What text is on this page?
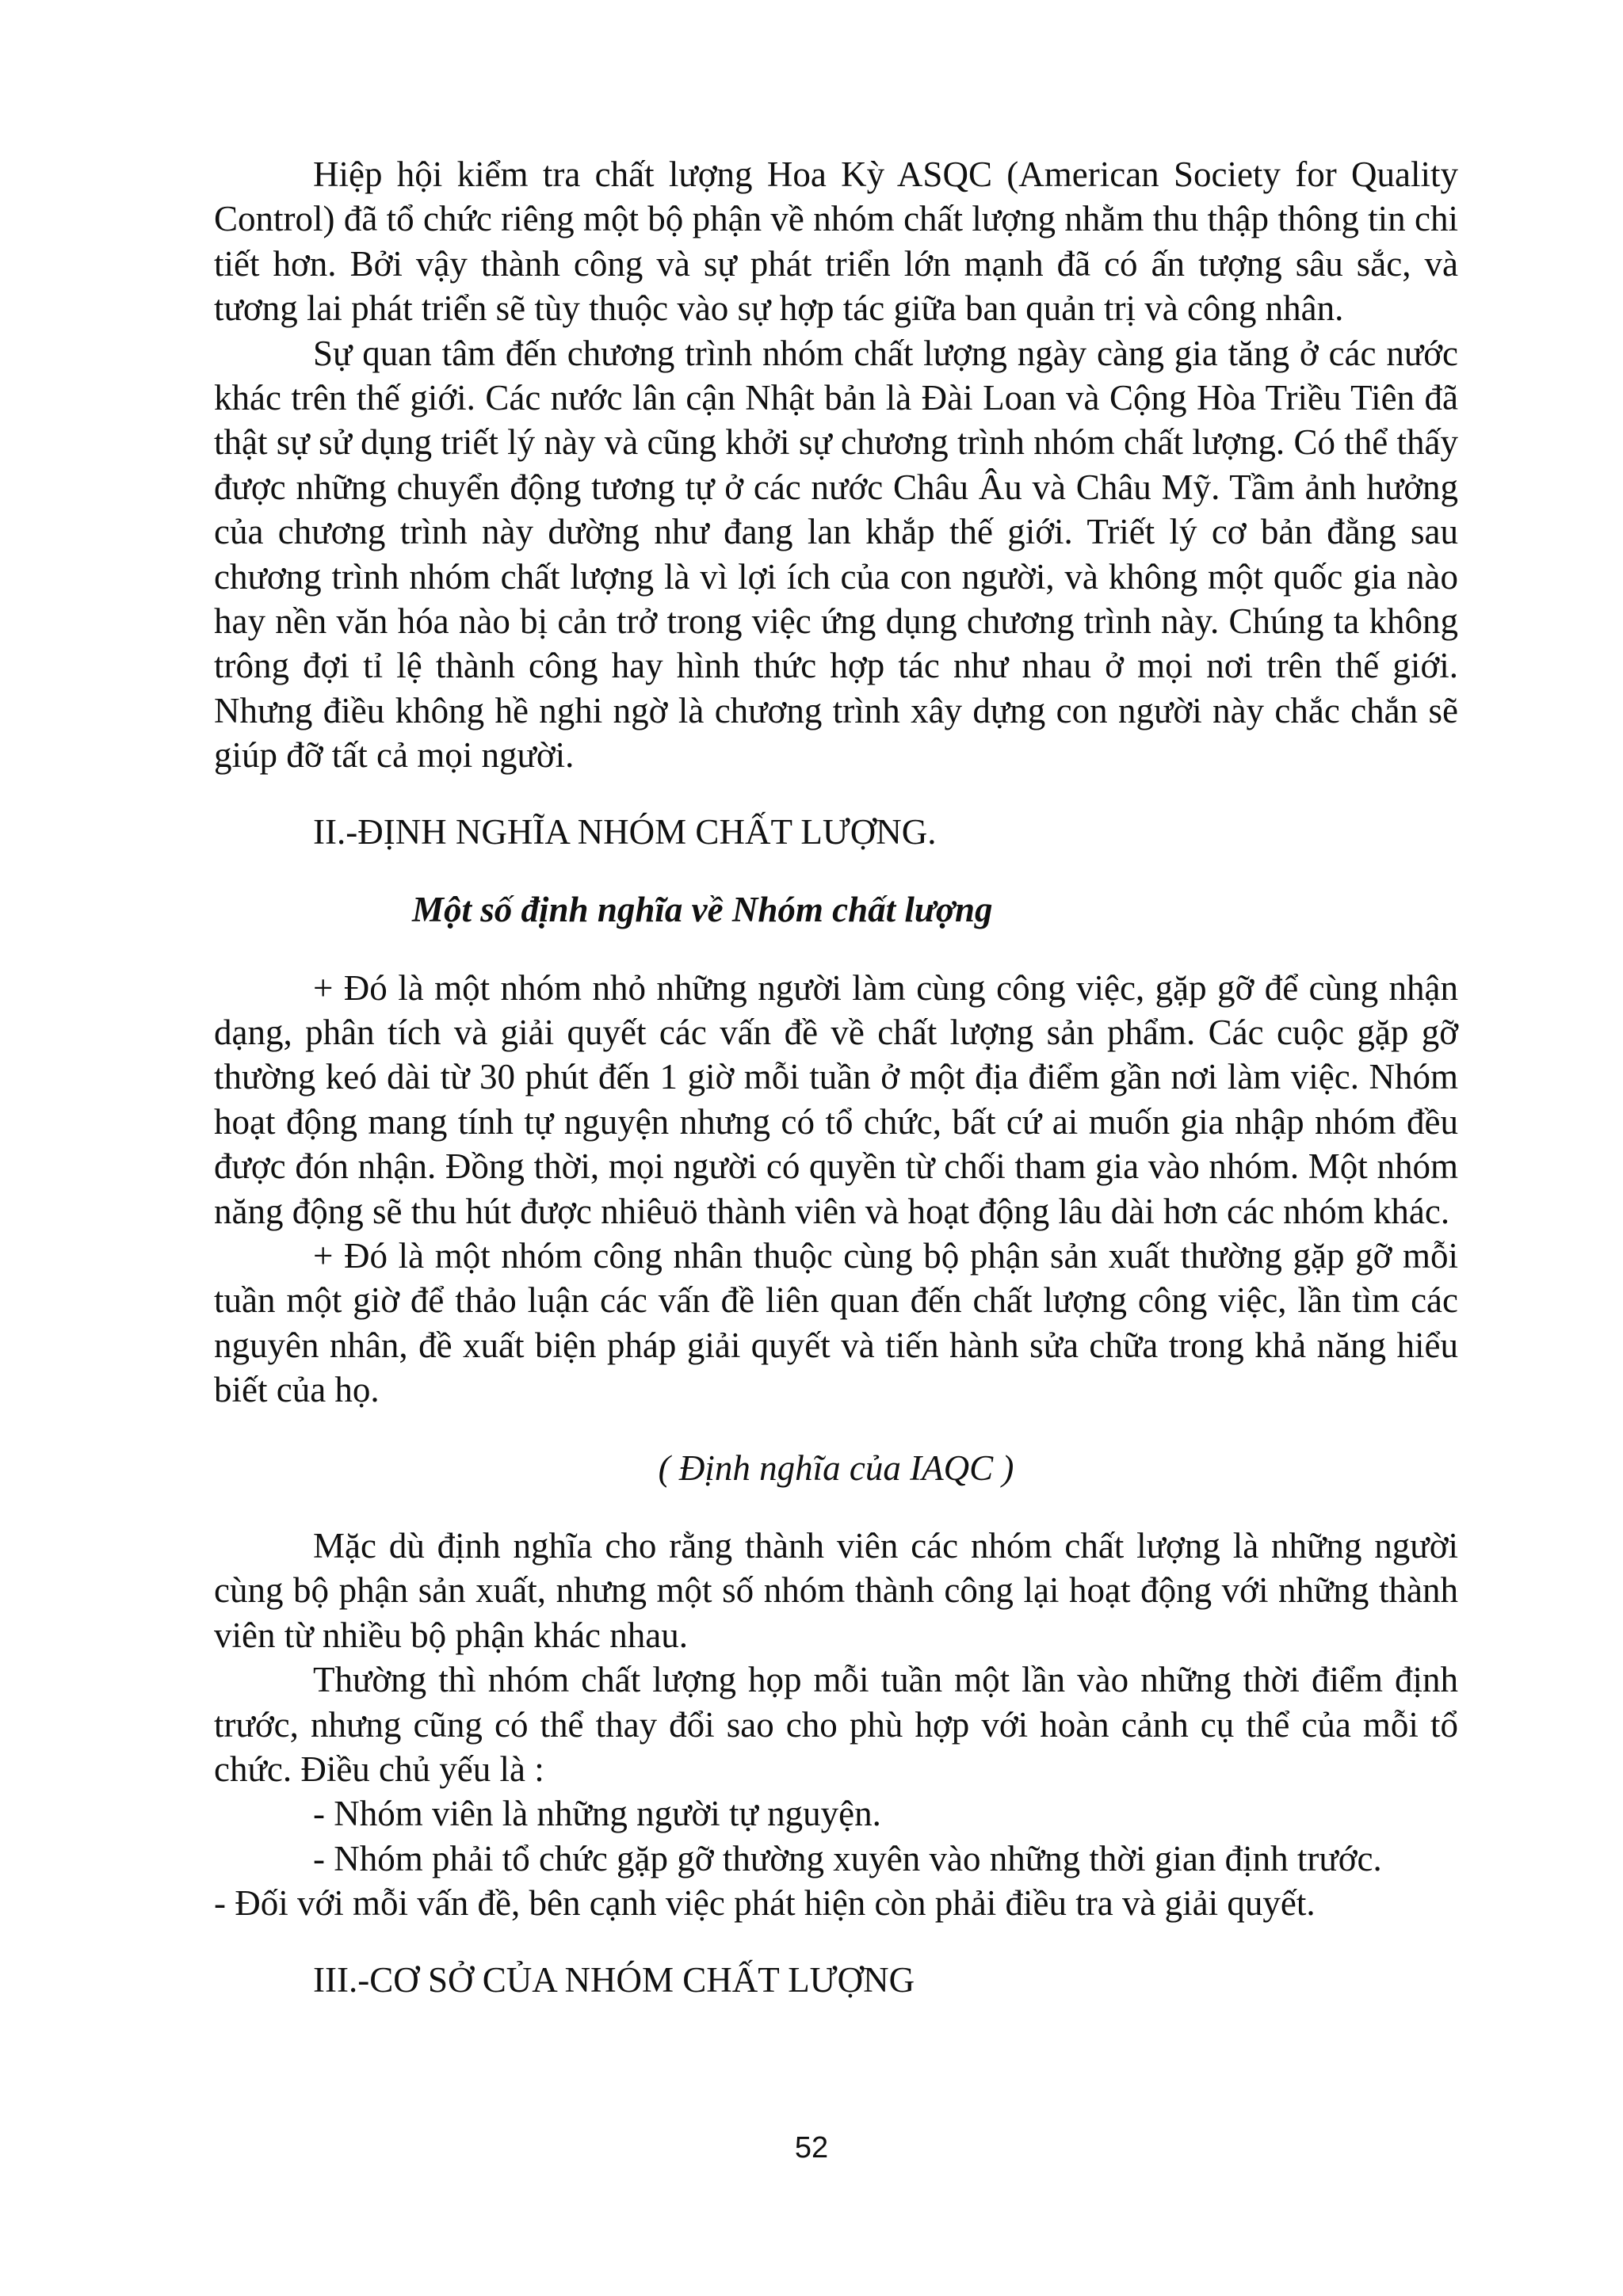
Hiệp hội kiểm tra chất lượng Hoa Kỳ ASQC (American Society for Quality Control) đã tổ chức riêng một bộ phận về nhóm chất lượng nhằm thu thập thông tin chi tiết hơn. Bởi vậy thành công và sự phát triển lớn mạnh đã có ấn tượng sâu sắc, và tương lai phát triển sẽ tùy thuộc vào sự hợp tác giữa ban quản trị và công nhân.

Sự quan tâm đến chương trình nhóm chất lượng ngày càng gia tăng ở các nước khác trên thế giới. Các nước lân cận Nhật bản là Đài Loan và Cộng Hòa Triều Tiên đã thật sự sử dụng triết lý này và cũng khởi sự chương trình nhóm chất lượng. Có thể thấy được những chuyển động tương tự ở các nước Châu Âu và Châu Mỹ. Tầm ảnh hưởng của chương trình này dường như đang lan khắp thế giới. Triết lý cơ bản đằng sau chương trình nhóm chất lượng là vì lợi ích của con người, và không một quốc gia nào hay nền văn hóa nào bị cản trở trong việc ứng dụng chương trình này. Chúng ta không trông đợi tỉ lệ thành công hay hình thức hợp tác như nhau ở mọi nơi trên thế giới. Nhưng điều không hề nghi ngờ là chương trình xây dựng con người này chắc chắn sẽ giúp đỡ tất cả mọi người.

II.-ĐỊNH NGHĨA NHÓM CHẤT LƯỢNG.

Một số định nghĩa về Nhóm chất lượng

+ Đó là một nhóm nhỏ những người làm cùng công việc, gặp gỡ để cùng nhận dạng, phân tích và giải quyết các vấn đề về chất lượng sản phẩm. Các cuộc gặp gỡ thường keó dài từ 30 phút đến 1 giờ mỗi tuần ở một địa điểm gần nơi làm việc. Nhóm hoạt động mang tính tự nguyện nhưng có tổ chức, bất cứ ai muốn gia nhập nhóm đều được đón nhận. Đồng thời, mọi người có quyền từ chối tham gia vào nhóm. Một nhóm năng động sẽ thu hút được nhiêuö thành viên và hoạt động lâu dài hơn các nhóm khác.

+ Đó là một nhóm công nhân thuộc cùng bộ phận sản xuất thường gặp gỡ mỗi tuần một giờ để thảo luận các vấn đề liên quan đến chất lượng công việc, lần tìm các nguyên nhân, đề xuất biện pháp giải quyết và tiến hành sửa chữa trong khả năng hiểu biết của họ.

( Định nghĩa của IAQC )

Mặc dù định nghĩa cho rằng thành viên các nhóm chất lượng là những người cùng bộ phận sản xuất, nhưng một số nhóm thành công lại hoạt động với những thành viên từ nhiều bộ phận khác nhau.

Thường thì nhóm chất lượng họp mỗi tuần một lần vào những thời điểm định trước, nhưng cũng có thể thay đổi sao cho phù hợp với hoàn cảnh cụ thể của mỗi tổ chức. Điều chủ yếu là :

- Nhóm viên là những người tự nguyện.

- Nhóm phải tổ chức gặp gỡ thường xuyên vào những thời gian định trước.

- Đối với mỗi vấn đề, bên cạnh việc phát hiện còn phải điều tra và giải quyết.

III.-CƠ SỞ CỦA NHÓM CHẤT LƯỢNG

52
